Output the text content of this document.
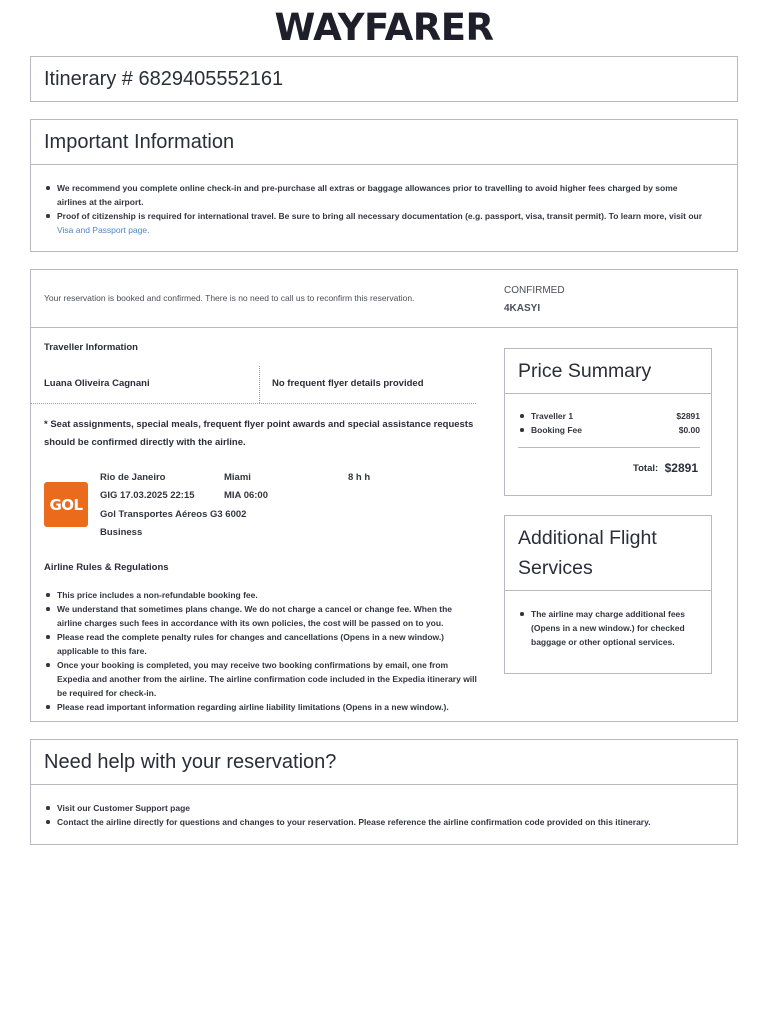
WAYFARER
Itinerary # 6829405552161
Important Information
We recommend you complete online check-in and pre-purchase all extras or baggage allowances prior to travelling to avoid higher fees charged by some airlines at the airport.
Proof of citizenship is required for international travel. Be sure to bring all necessary documentation (e.g. passport, visa, transit permit). To learn more, visit our Visa and Passport page.
Your reservation is booked and confirmed. There is no need to call us to reconfirm this reservation.
CONFIRMED
4KASYI
Traveller Information
Luana Oliveira Cagnani	No frequent flyer details provided
* Seat assignments, special meals, frequent flyer point awards and special assistance requests should be confirmed directly with the airline.
GOL
Rio de Janeiro	Miami	8 h h
GIG 17.03.2025 22:15	MIA 06:00
Gol Transportes Aéreos G3 6002
Business
Airline Rules & Regulations
This price includes a non-refundable booking fee.
We understand that sometimes plans change. We do not charge a cancel or change fee. When the airline charges such fees in accordance with its own policies, the cost will be passed on to you.
Please read the complete penalty rules for changes and cancellations (Opens in a new window.) applicable to this fare.
Once your booking is completed, you may receive two booking confirmations by email, one from Expedia and another from the airline. The airline confirmation code included in the Expedia itinerary will be required for check-in.
Please read important information regarding airline liability limitations (Opens in a new window.).
Price Summary
Traveller 1	$2891
Booking Fee	$0.00
Total: $2891
Additional Flight Services
The airline may charge additional fees (Opens in a new window.) for checked baggage or other optional services.
Need help with your reservation?
Visit our Customer Support page
Contact the airline directly for questions and changes to your reservation. Please reference the airline confirmation code provided on this itinerary.
